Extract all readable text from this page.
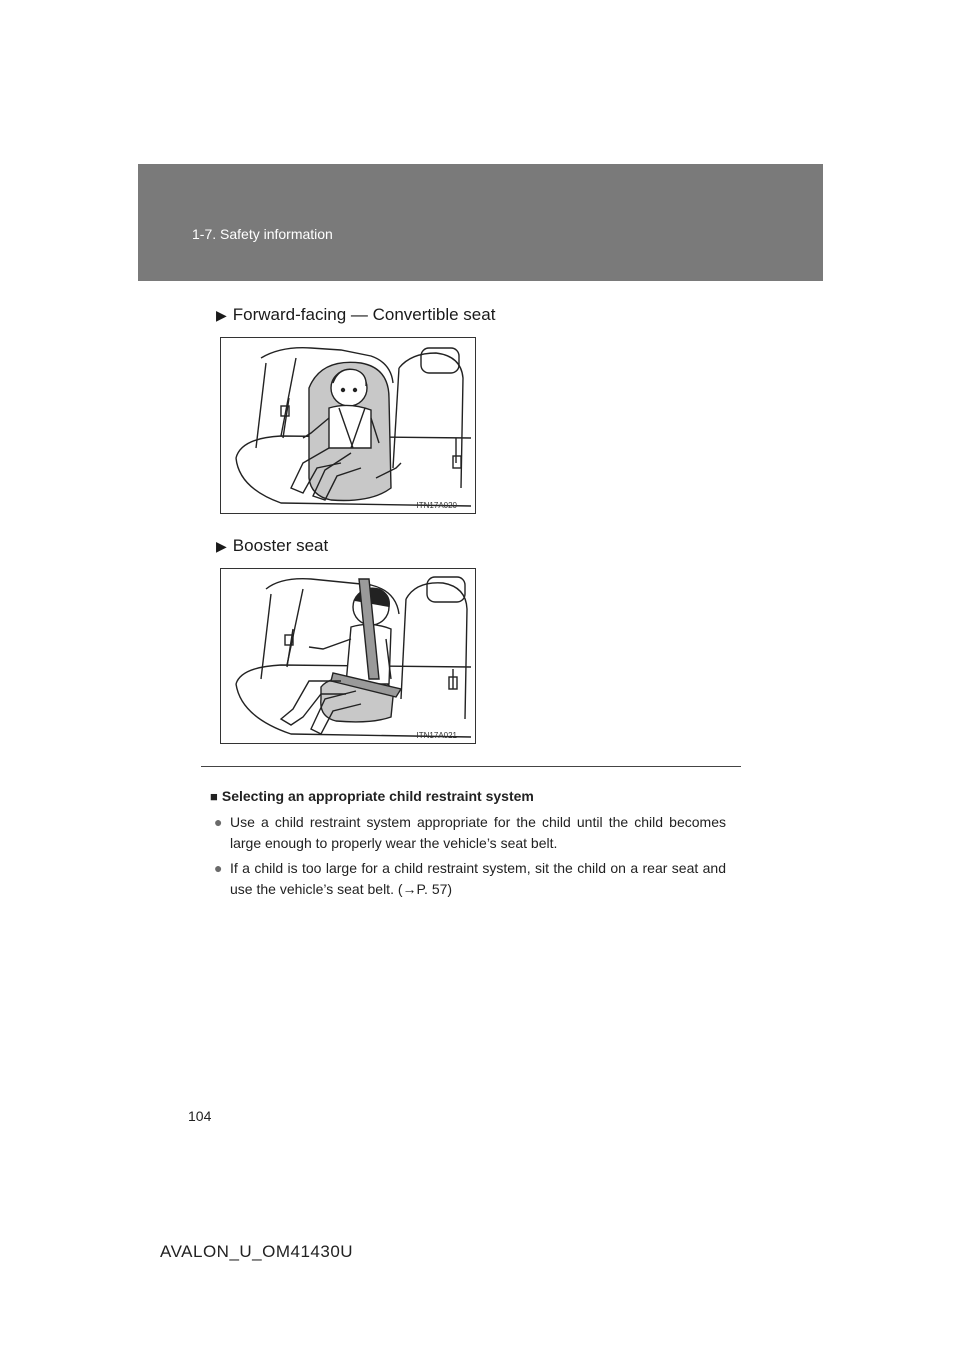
1-7. Safety information
▶ Forward-facing — Convertible seat
ITN17A020
▶ Booster seat
ITN17A021
■ Selecting an appropriate child restraint system
● Use a child restraint system appropriate for the child until the child becomes large enough to properly wear the vehicle’s seat belt.
● If a child is too large for a child restraint system, sit the child on a rear seat and use the vehicle’s seat belt. (→P. 57)
104
AVALON_U_OM41430U
